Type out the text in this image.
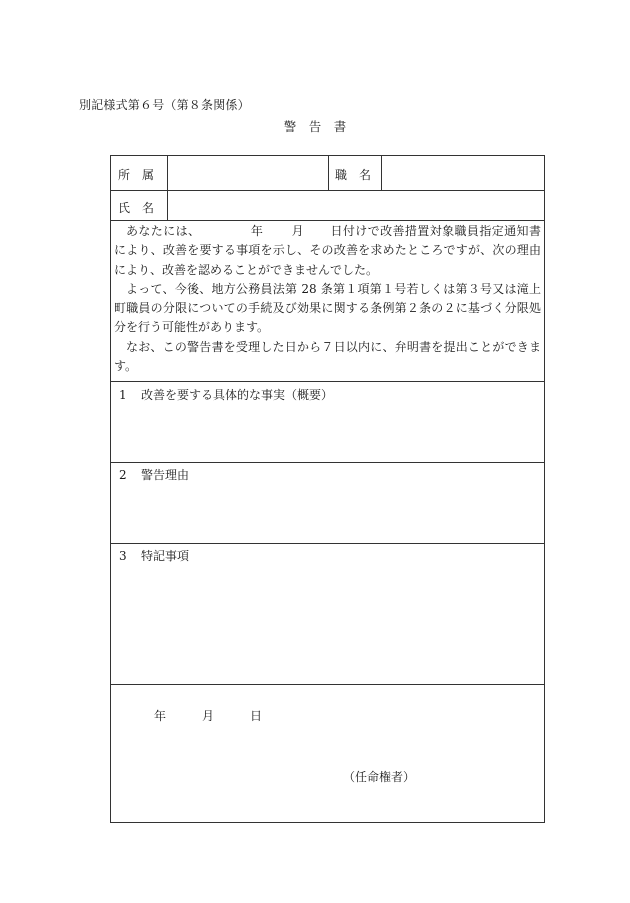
別記様式第６号（第８条関係）
警　告　書
所　属	職　名
氏　名

あなたには、	年 月 日付けで改善措置対象職員指定通知書により、改善を要する事項を示し、その改善を求めたところですが、次の理由により、改善を認めることができませんでした。

よって、今後、地方公務員法第 28 条第１項第１号若しくは第３号又は滝上町職員の分限についての手続及び効果に関する条例第２条の２に基づく分限処分を行う可能性があります。

なお、この警告書を受理した日から７日以内に、弁明書を提出ことができます。

1 改善を要する具体的な事実（概要）
2 警告理由
3 特記事項
年	月	日
（任命権者）
